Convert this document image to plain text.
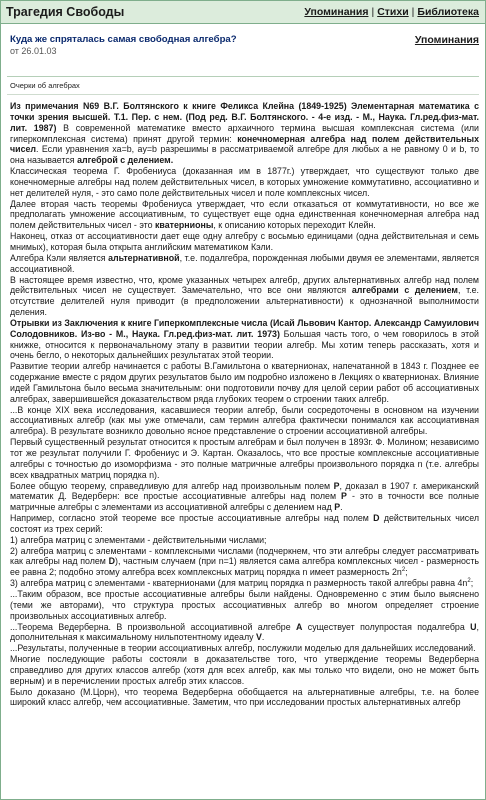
Трагедия Свободы	Упоминания | Стихи | Библиотека
Куда же спряталась самая свободная алгебра?
от 26.01.03
Упоминания
Очерки об алгебрах

Из примечания N69 В.Г. Болтянского к книге Феликса Клейна (1849-1925) Элементарная математика с точки зрения высшей. Т.1. Пер. с нем. (Под ред. В.Г. Болтянского. - 4-е изд. - М., Наука. Гл.ред.физ-мат. лит. 1987) В современной математике вместо архаичного термина высшая комплексная система (или гиперкомплексная система) принят другой термин: конечномерная алгебра над полем действительных чисел. Если уравнения xa=b, ay=b разрешимы в рассматриваемой алгебре для любых a не равному 0 и b, то она называется алгеброй с делением.

Классическая теорема Г. Фробениуса (доказанная им в 1877г.) утверждает, что существуют только две конечномерные алгебры над полем действительных чисел, в которых умножение коммутативно, ассоциативно и нет делителей нуля, - это само поле действительных чисел и поле комплексных чисел.

Далее вторая часть теоремы Фробениуса утверждает, что если отказаться от коммутативности, но все же предполагать умножение ассоциативным, то существует еще одна единственная конечномерная алгебра над полем действительных чисел - это кватернионы, к описанию которых переходит Клейн.

Наконец, отказ от ассоциативности дает еще одну алгебру с восьмью единицами (одна действительная и семь мнимых), которая была открыта английским математиком Кэли.

Алгебра Кэли является альтернативной, т.е. подалгебра, порожденная любыми двумя ее элементами, является ассоциативной.

В настоящее время известно, что, кроме указанных четырех алгебр, других альтернативных алгебр над полем действительных чисел не существует. Замечательно, что все они являются алгебрами с делением, т.е. отсутствие делителей нуля приводит (в предположении альтернативности) к однозначной выполнимости деления.

Отрывки из Заключения к книге Гиперкомплексные числа (Исай Львович Кантор. Александр Самуилович Солодовников. Из-во - М., Наука. Гл.ред.физ-мат. лит. 1973) Большая часть того, о чем говорилось в этой книжке, относится к первоначальному этапу в развитии теории алгебр. Мы хотим теперь рассказать, хотя и очень бегло, о некоторых дальнейших результатах этой теории.

Развитие теории алгебр начинается с работы В.Гамильтона о кватернионах, напечатанной в 1843 г. Позднее ее содержание вместе с рядом других результатов было им подробно изложено в Лекциях о кватернионах. Влияние идей Гамильтона было весьма значительным: они подготовили почву для целой серии работ об ассоциативных алгебрах, завершившейся доказательством ряда глубоких теорем о строении таких алгебр.

...В конце XIX века исследования, касавшиеся теории алгебр, были сосредоточены в основном на изучении ассоциативных алгебр (как мы уже отмечали, сам термин алгебра фактически понимался как ассоциативная алгебра). В результате возникло довольно ясное представление о строении ассоциативной алгебры.

Первый существенный результат относится к простым алгебрам и был получен в 1893г. Ф. Молином; независимо тот же результат получили Г. Фробениус и Э. Картан. Оказалось, что все простые комплексные ассоциативные алгебры с точностью до изоморфизма - это полные матричные алгебры произвольного порядка n (т.е. алгебры всех квадратных матриц порядка n).

Более общую теорему, справедливую для алгебр над произвольным полем P, доказал в 1907 г. американский математик Д. Ведерберн: все простые ассоциативные алгебры над полем P - это в точности все полные матричные алгебры с элементами из ассоциативной алгебры с делением над P.

Например, согласно этой теореме все простые ассоциативные алгебры над полем D действительных чисел состоят из трех серий:

1) алгебра матриц с элементами - действительными числами;

2) алгебра матриц с элементами - комплексными числами (подчеркнем, что эти алгебры следует рассматривать как алгебры над полем D), частным случаем (при n=1) является сама алгебра комплексных чисел - размерность ее равна 2; подобно этому алгебра всех комплексных матриц порядка n имеет размерность $2n^2$;

3) алгебра матриц с элементами - кватернионами (для матриц порядка n размерность такой алгебры равна $4n^2$;

...Таким образом, все простые ассоциативные алгебры были найдены. Одновременно с этим было выяснено (теми же авторами), что структура простых ассоциативных алгебр во многом определяет строение произвольных ассоциативных алгебр.

...Теорема Ведерберна. В произвольной ассоциативной алгебре A существует полупростая подалгебра U, дополнительная к максимальному нильпотентному идеалу V.

...Результаты, полученные в теории ассоциативных алгебр, послужили моделью для дальнейших исследований.

Многие последующие работы состояли в доказательстве того, что утверждение теоремы Ведерберна справедливо для других классов алгебр (хотя для всех алгебр, как мы только что видели, оно не может быть верным) и в перечислении простых алгебр этих классов.

Было доказано (М.Цорн), что теорема Ведерберна обобщается на альтернативные алгебры, т.е. на более широкий класс алгебр, чем ассоциативные. Заметим, что при исследовании простых альтернативных алгебр
